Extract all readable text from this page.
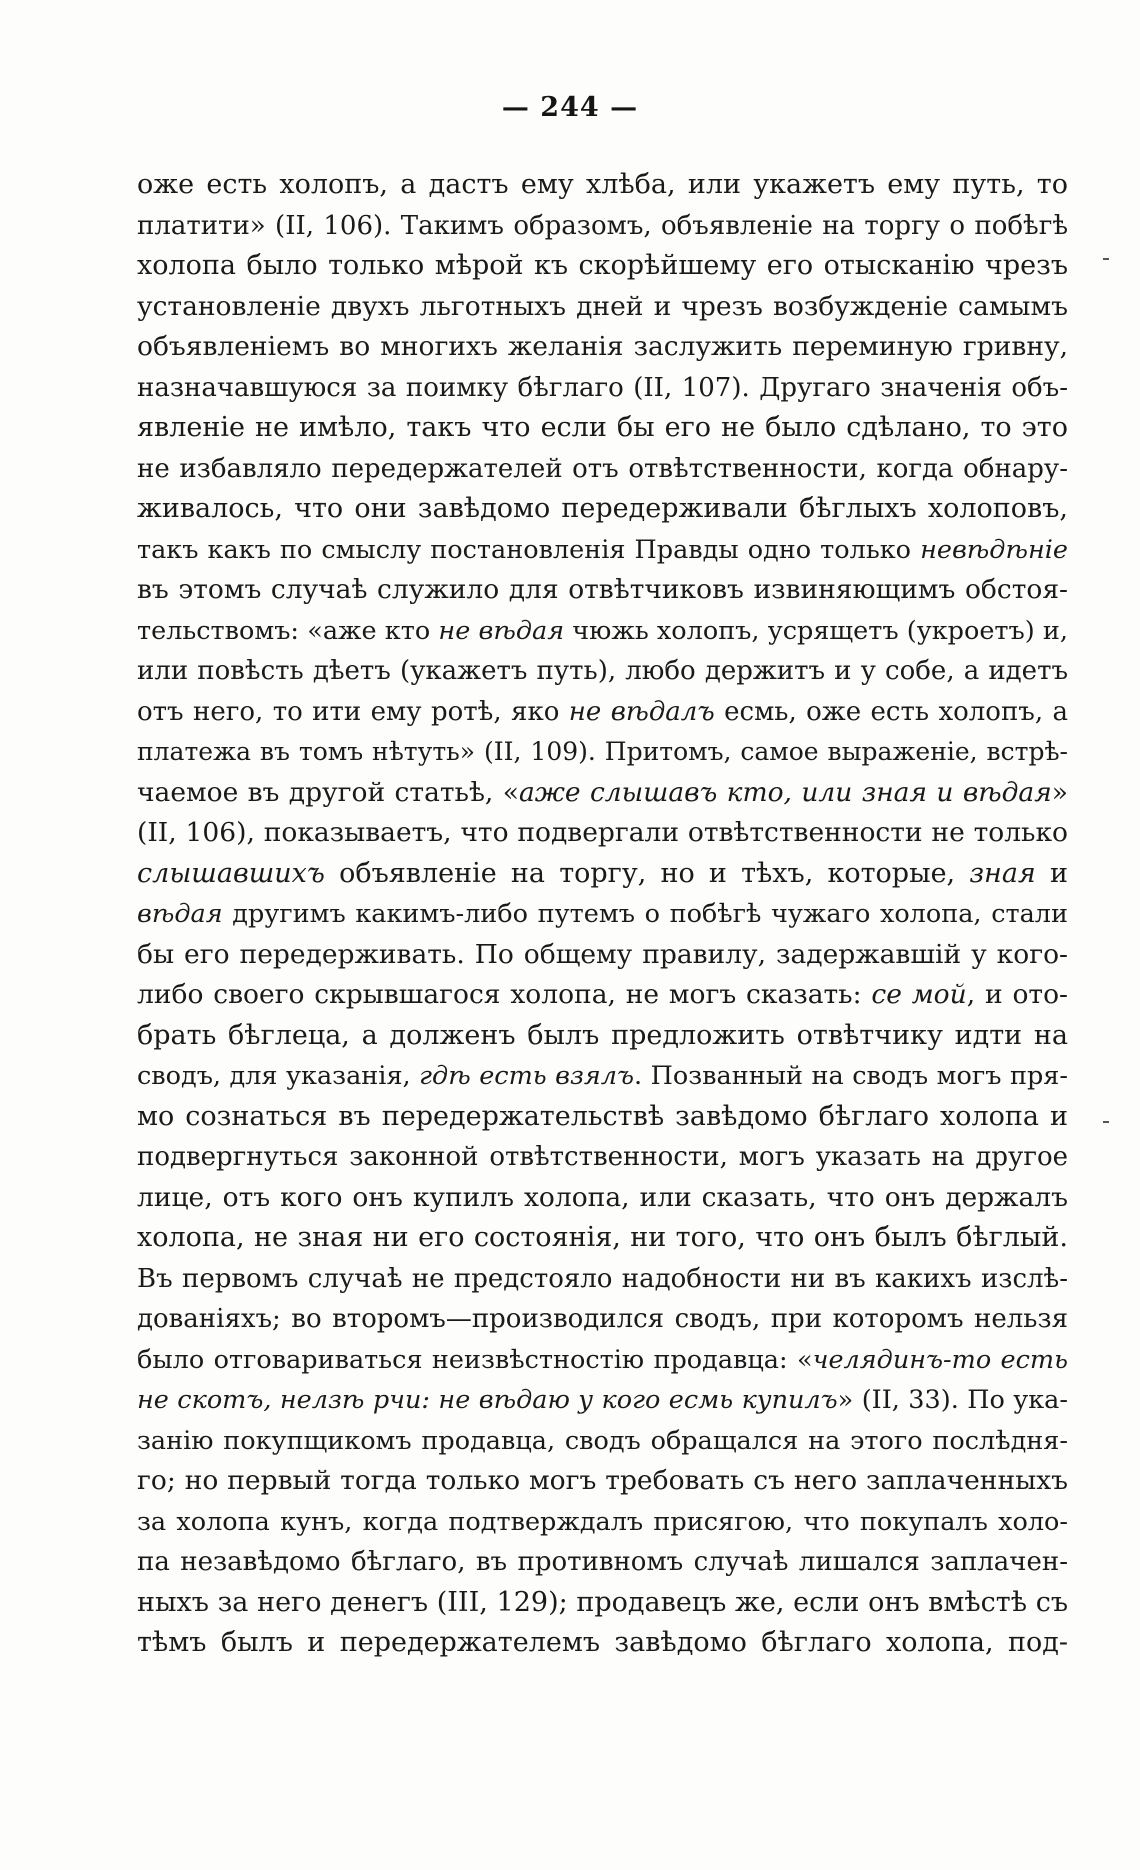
— 244 —
оже есть холопъ, а дастъ ему хлѣба, или укажетъ ему путь, то
платити» (II, 106). Такимъ образомъ, объявленіе на торгу о побѣгѣ
холопа было только мѣрой къ скорѣйшему его отысканію чрезъ
установленіе двухъ льготныхъ дней и чрезъ возбужденіе самымъ
объявленіемъ во многихъ желанія заслужить переминую гривну,
назначавшуюся за поимку бѣглаго (II, 107). Другаго значенія объ-
явленіе не имѣло, такъ что если бы его не было сдѣлано, то это
не избавляло передержателей отъ отвѣтственности, когда обнару-
живалось, что они завѣдомо передерживали бѣглыхъ холоповъ,
такъ какъ по смыслу постановленія Правды одно только невѣдѣніе
въ этомъ случаѣ служило для отвѣтчиковъ извиняющимъ обстоя-
тельствомъ: «аже кто не вѣдая чюжь холопъ, усрящетъ (укроетъ) и,
или повѣсть дѣетъ (укажетъ путь), любо держитъ и у собе, а идетъ
отъ него, то ити ему ротѣ, яко не вѣдалъ есмь, оже есть холопъ, а
платежа въ томъ нѣтуть» (II, 109). Притомъ, самое выраженіе, встрѣ-
чаемое въ другой статьѣ, «аже слышавъ кто, или зная и вѣдая»
(II, 106), показываетъ, что подвергали отвѣтственности не только
слышавшихъ объявленіе на торгу, но и тѣхъ, которые, зная и
вѣдая другимъ какимъ-либо путемъ о побѣгѣ чужаго холопа, стали
бы его передерживать. По общему правилу, задержавшій у кого-
либо своего скрывшагося холопа, не могъ сказать: се мой, и ото-
брать бѣглеца, а долженъ былъ предложить отвѣтчику идти на
сводъ, для указанія, гдѣ есть взялъ. Позванный на сводъ могъ пря-
мо сознаться въ передержательствѣ завѣдомо бѣглаго холопа и
подвергнуться законной отвѣтственности, могъ указать на другое
лице, отъ кого онъ купилъ холопа, или сказать, что онъ держалъ
холопа, не зная ни его состоянія, ни того, что онъ былъ бѣглый.
Въ первомъ случаѣ не предстояло надобности ни въ какихъ изслѣ-
дованіяхъ; во второмъ—производился сводъ, при которомъ нельзя
было отговариваться неизвѣстностію продавца: «челядинъ-то есть
не скотъ, нелзѣ рчи: не вѣдаю у кого есмь купилъ» (II, 33). По ука-
занію покупщикомъ продавца, сводъ обращался на этого послѣдня-
го; но первый тогда только могъ требовать съ него заплаченныхъ
за холопа кунъ, когда подтверждалъ присягою, что покупалъ холо-
па незавѣдомо бѣглаго, въ противномъ случаѣ лишался заплачен-
ныхъ за него денегъ (III, 129); продавецъ же, если онъ вмѣстѣ съ
тѣмъ былъ и передержателемъ завѣдомо бѣглаго холопа, под-
